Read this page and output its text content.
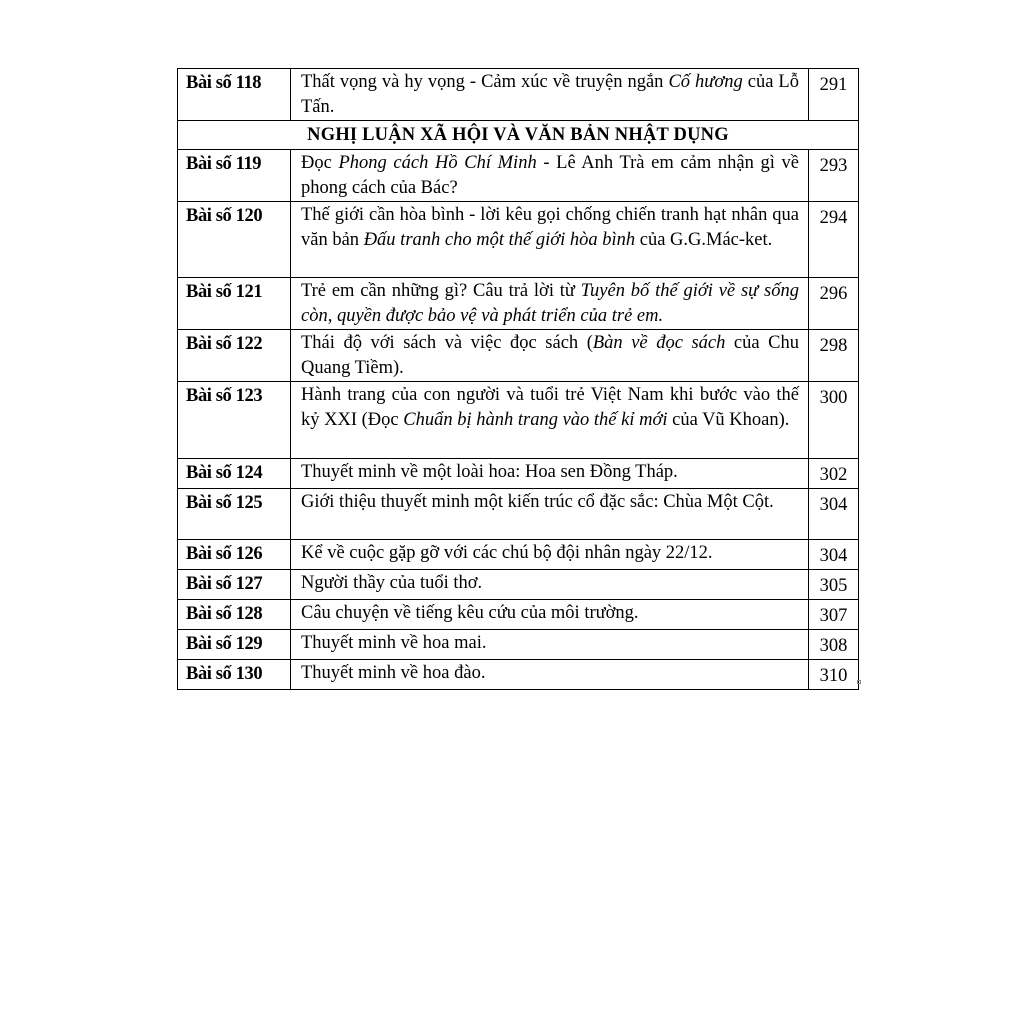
Bài số 118	Thất vọng và hy vọng - Cảm xúc về truyện ngắn Cố hương của Lỗ Tấn.	291
NGHỊ LUẬN XÃ HỘI VÀ VĂN BẢN NHẬT DỤNG		
Bài số 119	Đọc Phong cách Hồ Chí Minh - Lê Anh Trà em cảm nhận gì về phong cách của Bác?	293
Bài số 120	Thế giới cần hòa bình - lời kêu gọi chống chiến tranh hạt nhân qua văn bản Đấu tranh cho một thế giới hòa bình của G.G.Mác-ket.	294
Bài số 121	Trẻ em cần những gì? Câu trả lời từ Tuyên bố thế giới về sự sống còn, quyền được bảo vệ và phát triển của trẻ em.	296
Bài số 122	Thái độ với sách và việc đọc sách (Bàn về đọc sách của Chu Quang Tiềm).	298
Bài số 123	Hành trang của con người và tuổi trẻ Việt Nam khi bước vào thế kỷ XXI (Đọc Chuẩn bị hành trang vào thế kỉ mới của Vũ Khoan).	300
Bài số 124	Thuyết minh về một loài hoa: Hoa sen Đồng Tháp.	302
Bài số 125	Giới thiệu thuyết minh một kiến trúc cổ đặc sắc: Chùa Một Cột.	304
Bài số 126	Kể về cuộc gặp gỡ với các chú bộ đội nhân ngày 22/12.	304
Bài số 127	Người thầy của tuổi thơ.	305
Bài số 128	Câu chuyện về tiếng kêu cứu của môi trường.	307
Bài số 129	Thuyết minh về hoa mai.	308
Bài số 130	Thuyết minh về hoa đào.	310
